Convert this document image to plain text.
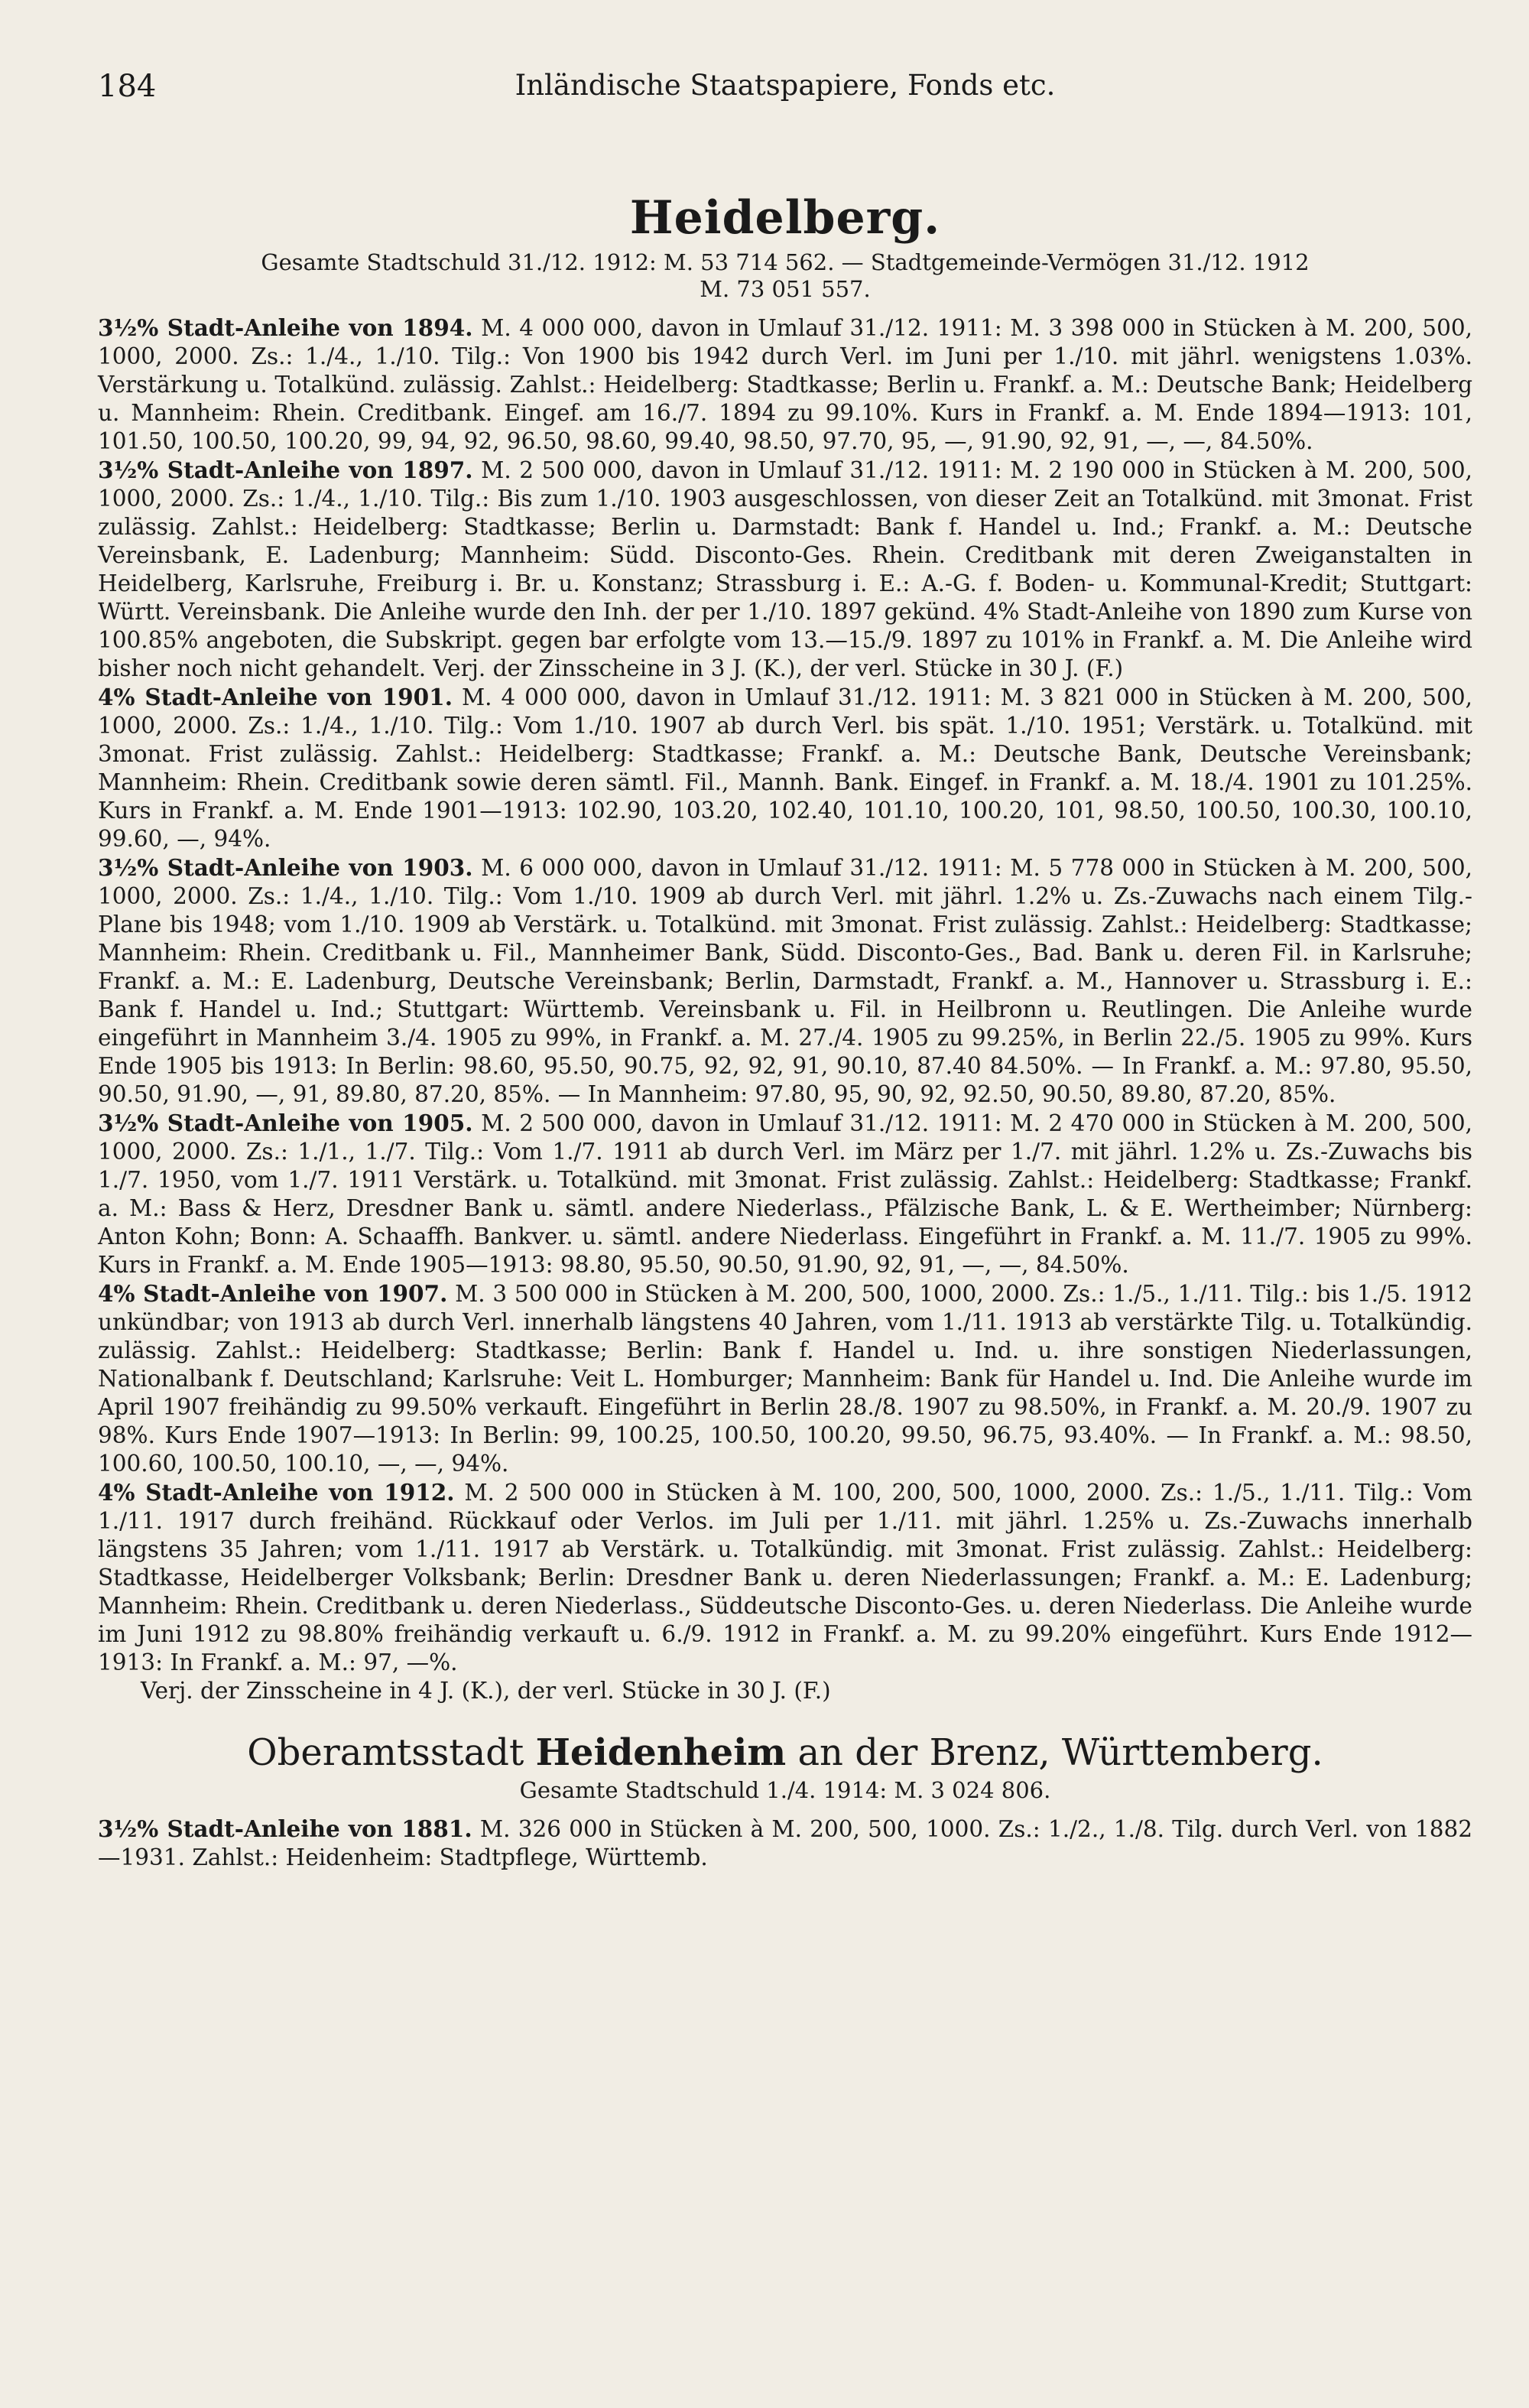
184	Inländische Staatspapiere, Fonds etc.
Heidelberg.
Gesamte Stadtschuld 31./12. 1912: M. 53 714 562. — Stadtgemeinde-Vermögen 31./12. 1912
M. 73 051 557.

3½% Stadt-Anleihe von 1894. M. 4 000 000, davon in Umlauf 31./12. 1911: M. 3 398 000 in Stücken à M. 200, 500, 1000, 2000. Zs.: 1./4., 1./10. Tilg.: Von 1900 bis 1942 durch Verl. im Juni per 1./10. mit jährl. wenigstens 1.03%. Verstärkung u. Totalkünd. zulässig. Zahlst.: Heidelberg: Stadtkasse; Berlin u. Frankf. a. M.: Deutsche Bank; Heidelberg u. Mannheim: Rhein. Creditbank. Eingef. am 16./7. 1894 zu 99.10%. Kurs in Frankf. a. M. Ende 1894—1913: 101, 101.50, 100.50, 100.20, 99, 94, 92, 96.50, 98.60, 99.40, 98.50, 97.70, 95, —, 91.90, 92, 91, —, —, 84.50%.

3½% Stadt-Anleihe von 1897. M. 2 500 000, davon in Umlauf 31./12. 1911: M. 2 190 000 in Stücken à M. 200, 500, 1000, 2000. Zs.: 1./4., 1./10. Tilg.: Bis zum 1./10. 1903 ausgeschlossen, von dieser Zeit an Totalkünd. mit 3monat. Frist zulässig. Zahlst.: Heidelberg: Stadtkasse; Berlin u. Darmstadt: Bank f. Handel u. Ind.; Frankf. a. M.: Deutsche Vereinsbank, E. Ladenburg; Mannheim: Südd. Disconto-Ges. Rhein. Creditbank mit deren Zweiganstalten in Heidelberg, Karlsruhe, Freiburg i. Br. u. Konstanz; Strassburg i. E.: A.-G. f. Boden- u. Kommunal-Kredit; Stuttgart: Württ. Vereinsbank. Die Anleihe wurde den Inh. der per 1./10. 1897 gekünd. 4% Stadt-Anleihe von 1890 zum Kurse von 100.85% angeboten, die Subskript. gegen bar erfolgte vom 13.—15./9. 1897 zu 101% in Frankf. a. M. Die Anleihe wird bisher noch nicht gehandelt. Verj. der Zinsscheine in 3 J. (K.), der verl. Stücke in 30 J. (F.)

4% Stadt-Anleihe von 1901. M. 4 000 000, davon in Umlauf 31./12. 1911: M. 3 821 000 in Stücken à M. 200, 500, 1000, 2000. Zs.: 1./4., 1./10. Tilg.: Vom 1./10. 1907 ab durch Verl. bis spät. 1./10. 1951; Verstärk. u. Totalkünd. mit 3monat. Frist zulässig. Zahlst.: Heidelberg: Stadtkasse; Frankf. a. M.: Deutsche Bank, Deutsche Vereinsbank; Mannheim: Rhein. Creditbank sowie deren sämtl. Fil., Mannh. Bank. Eingef. in Frankf. a. M. 18./4. 1901 zu 101.25%. Kurs in Frankf. a. M. Ende 1901—1913: 102.90, 103.20, 102.40, 101.10, 100.20, 101, 98.50, 100.50, 100.30, 100.10, 99.60, —, 94%.

3½% Stadt-Anleihe von 1903. M. 6 000 000, davon in Umlauf 31./12. 1911: M. 5 778 000 in Stücken à M. 200, 500, 1000, 2000. Zs.: 1./4., 1./10. Tilg.: Vom 1./10. 1909 ab durch Verl. mit jährl. 1.2% u. Zs.-Zuwachs nach einem Tilg.-Plane bis 1948; vom 1./10. 1909 ab Verstärk. u. Totalkünd. mit 3monat. Frist zulässig. Zahlst.: Heidelberg: Stadtkasse; Mannheim: Rhein. Creditbank u. Fil., Mannheimer Bank, Südd. Disconto-Ges., Bad. Bank u. deren Fil. in Karlsruhe; Frankf. a. M.: E. Ladenburg, Deutsche Vereinsbank; Berlin, Darmstadt, Frankf. a. M., Hannover u. Strassburg i. E.: Bank f. Handel u. Ind.; Stuttgart: Württemb. Vereinsbank u. Fil. in Heilbronn u. Reutlingen. Die Anleihe wurde eingeführt in Mannheim 3./4. 1905 zu 99%, in Frankf. a. M. 27./4. 1905 zu 99.25%, in Berlin 22./5. 1905 zu 99%. Kurs Ende 1905 bis 1913: In Berlin: 98.60, 95.50, 90.75, 92, 92, 91, 90.10, 87.40 84.50%. — In Frankf. a. M.: 97.80, 95.50, 90.50, 91.90, —, 91, 89.80, 87.20, 85%. — In Mannheim: 97.80, 95, 90, 92, 92.50, 90.50, 89.80, 87.20, 85%.

3½% Stadt-Anleihe von 1905. M. 2 500 000, davon in Umlauf 31./12. 1911: M. 2 470 000 in Stücken à M. 200, 500, 1000, 2000. Zs.: 1./1., 1./7. Tilg.: Vom 1./7. 1911 ab durch Verl. im März per 1./7. mit jährl. 1.2% u. Zs.-Zuwachs bis 1./7. 1950, vom 1./7. 1911 Verstärk. u. Totalkünd. mit 3monat. Frist zulässig. Zahlst.: Heidelberg: Stadtkasse; Frankf. a. M.: Bass & Herz, Dresdner Bank u. sämtl. andere Niederlass., Pfälzische Bank, L. & E. Wertheimber; Nürnberg: Anton Kohn; Bonn: A. Schaaffh. Bankver. u. sämtl. andere Niederlass. Eingeführt in Frankf. a. M. 11./7. 1905 zu 99%. Kurs in Frankf. a. M. Ende 1905—1913: 98.80, 95.50, 90.50, 91.90, 92, 91, —, —, 84.50%.

4% Stadt-Anleihe von 1907. M. 3 500 000 in Stücken à M. 200, 500, 1000, 2000. Zs.: 1./5., 1./11. Tilg.: bis 1./5. 1912 unkündbar; von 1913 ab durch Verl. innerhalb längstens 40 Jahren, vom 1./11. 1913 ab verstärkte Tilg. u. Totalkündig. zulässig. Zahlst.: Heidelberg: Stadtkasse; Berlin: Bank f. Handel u. Ind. u. ihre sonstigen Niederlassungen, Nationalbank f. Deutschland; Karlsruhe: Veit L. Homburger; Mannheim: Bank für Handel u. Ind. Die Anleihe wurde im April 1907 freihändig zu 99.50% verkauft. Eingeführt in Berlin 28./8. 1907 zu 98.50%, in Frankf. a. M. 20./9. 1907 zu 98%. Kurs Ende 1907—1913: In Berlin: 99, 100.25, 100.50, 100.20, 99.50, 96.75, 93.40%. — In Frankf. a. M.: 98.50, 100.60, 100.50, 100.10, —, —, 94%.

4% Stadt-Anleihe von 1912. M. 2 500 000 in Stücken à M. 100, 200, 500, 1000, 2000. Zs.: 1./5., 1./11. Tilg.: Vom 1./11. 1917 durch freihänd. Rückkauf oder Verlos. im Juli per 1./11. mit jährl. 1.25% u. Zs.-Zuwachs innerhalb längstens 35 Jahren; vom 1./11. 1917 ab Verstärk. u. Totalkündig. mit 3monat. Frist zulässig. Zahlst.: Heidelberg: Stadtkasse, Heidelberger Volksbank; Berlin: Dresdner Bank u. deren Niederlassungen; Frankf. a. M.: E. Ladenburg; Mannheim: Rhein. Creditbank u. deren Niederlass., Süddeutsche Disconto-Ges. u. deren Niederlass. Die Anleihe wurde im Juni 1912 zu 98.80% freihändig verkauft u. 6./9. 1912 in Frankf. a. M. zu 99.20% eingeführt. Kurs Ende 1912—1913: In Frankf. a. M.: 97, —%.

Verj. der Zinsscheine in 4 J. (K.), der verl. Stücke in 30 J. (F.)

Oberamtsstadt Heidenheim an der Brenz, Württemberg.
Gesamte Stadtschuld 1./4. 1914: M. 3 024 806.

3½% Stadt-Anleihe von 1881. M. 326 000 in Stücken à M. 200, 500, 1000. Zs.: 1./2., 1./8. Tilg. durch Verl. von 1882—1931. Zahlst.: Heidenheim: Stadtpflege, Württemb.
